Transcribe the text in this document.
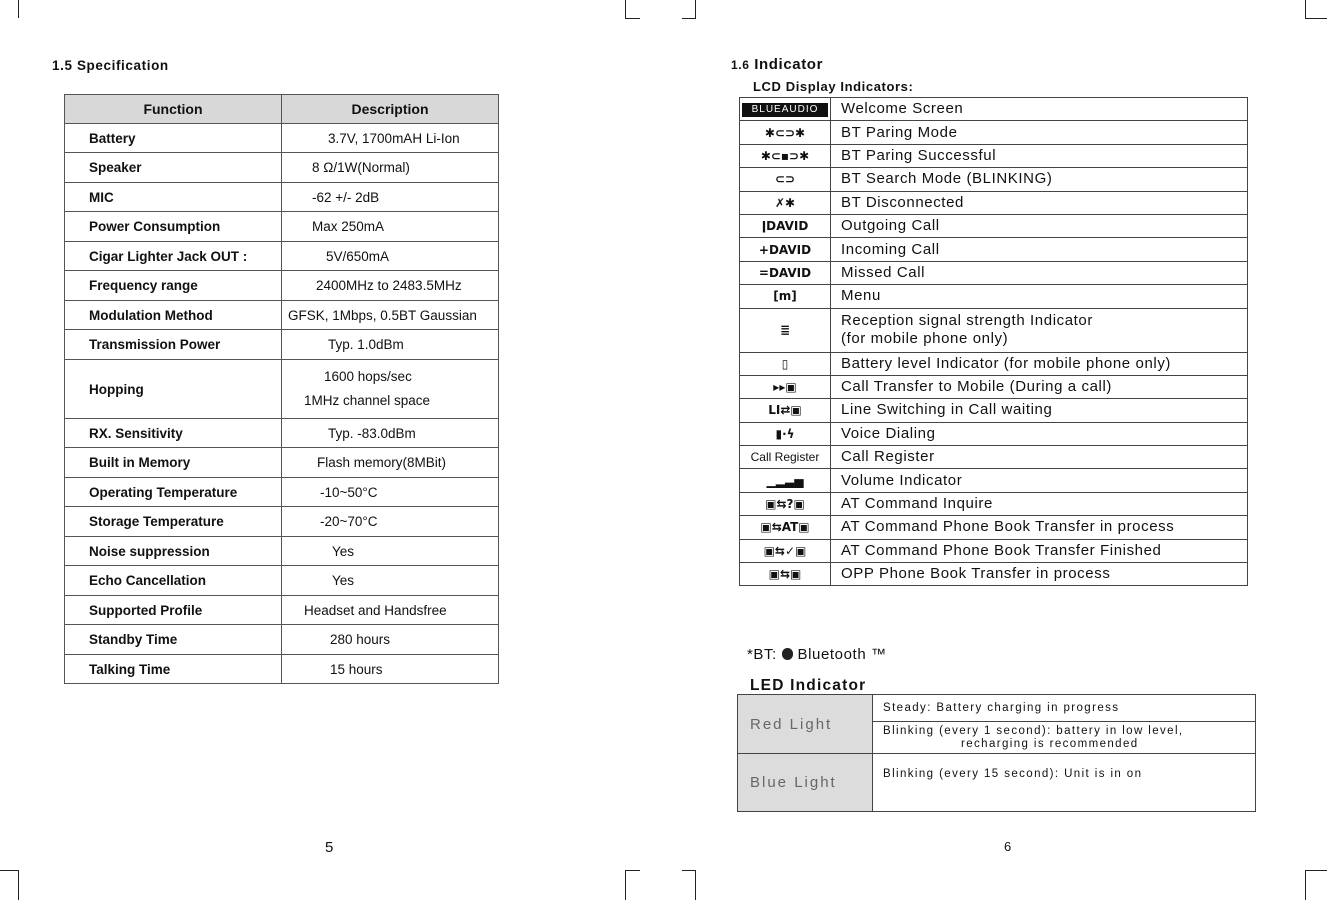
1.5 Specification
Function	Description
Battery	3.7V, 1700mAH Li-Ion
Speaker	8 Ω/1W(Normal)
MIC	-62 +/- 2dB
Power Consumption	Max 250mA
Cigar Lighter Jack OUT :	5V/650mA
Frequency range	2400MHz to 2483.5MHz
Modulation Method	GFSK, 1Mbps, 0.5BT Gaussian
Transmission Power	Typ. 1.0dBm
Hopping	1600 hops/sec
1MHz channel space

RX. Sensitivity	Typ. -83.0dBm
Built in Memory	Flash memory(8MBit)
Operating Temperature	-10~50°C
Storage Temperature	-20~70°C
Noise suppression	Yes
Echo Cancellation	Yes
Supported Profile	Headset and Handsfree
Standby Time	280 hours
Talking Time	15 hours
5
1.6 Indicator
LCD Display Indicators:
BLUEAUDIO	Welcome Screen
✱⊂⊃✱	BT Paring Mode
✱⊂▪⊃✱	BT Paring Successful
⊂⊃	BT Search Mode (BLINKING)
✗✱	BT Disconnected
ǀDAVID	Outgoing Call
+DAVID	Incoming Call
=DAVID	Missed Call
[m]	Menu
≣	Reception signal strength Indicator
(for mobile phone only)

▯	Battery level Indicator (for mobile phone only)
▸▸▣	Call Transfer to Mobile (During a call)
LI⇄▣	Line Switching in Call waiting
▮⋅ϟ	Voice Dialing
Call Register	Call Register
▁▂▃▅	Volume Indicator
▣⇆?▣	AT Command Inquire
▣⇆AT▣	AT Command Phone Book Transfer in process
▣⇆✓▣	AT Command Phone Book Transfer Finished
▣⇆▣	OPP Phone Book Transfer in process
*BT: Bluetooth ™
LED Indicator
Red Light	Steady: Battery charging in progress

	Blinking (every 1 second): battery in low level,
recharging is recommended

Blue Light	Blinking (every 15 second): Unit is in on
6
